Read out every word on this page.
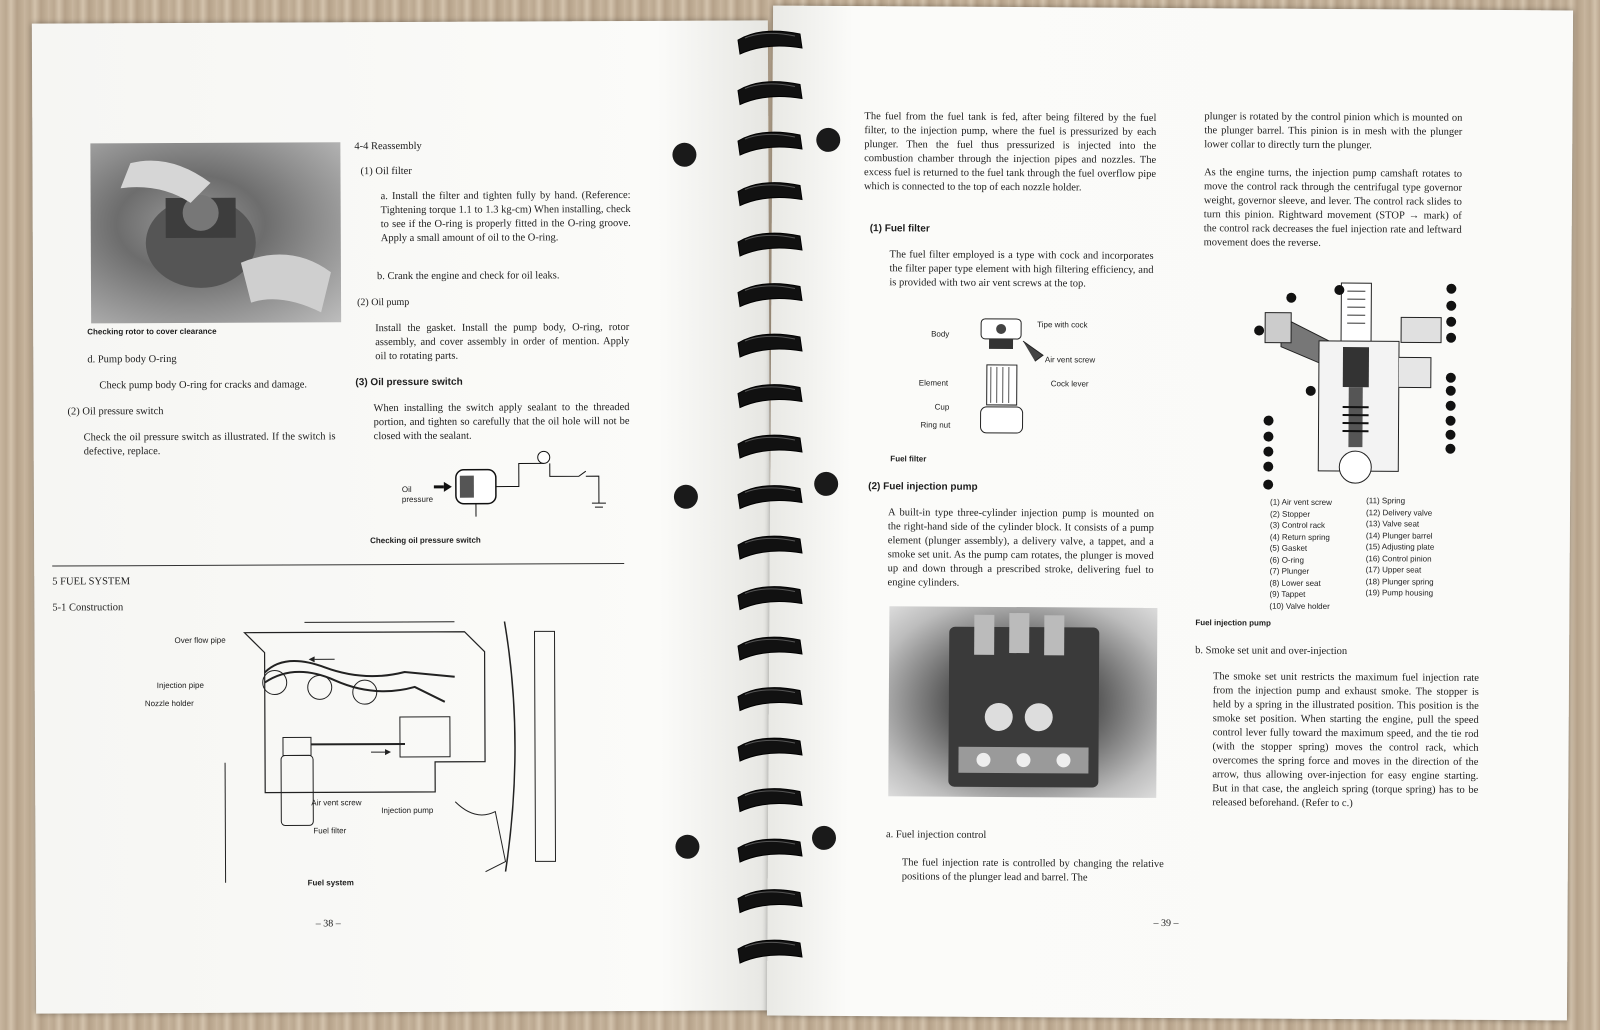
Checking rotor to cover clearance

4-4 Reassembly

(1) Oil filter

a. Install the filter and tighten fully by hand. (Reference: Tightening torque 1.1 to 1.3 kg-cm) When installing, check to see if the O-ring is properly fitted in the O-ring groove. Apply a small amount of oil to the O-ring.

b. Crank the engine and check for oil leaks.

(2) Oil pump

Install the gasket. Install the pump body, O-ring, rotor assembly, and cover assembly in order of mention. Apply oil to rotating parts.

(3) Oil pressure switch

When installing the switch apply sealant to the threaded portion, and tighten so carefully that the oil hole will not be closed with the sealant.

Oil pressure

Checking oil pressure switch

d. Pump body O-ring

Check pump body O-ring for cracks and damage.

(2) Oil pressure switch

Check the oil pressure switch as illustrated. If the switch is defective, replace.

5 FUEL SYSTEM

5-1 Construction

Over flow pipe

Injection pipe

Nozzle holder

Air vent screw

Injection pump

Fuel filter

Fuel system

– 38 –

The fuel from the fuel tank is fed, after being filtered by the fuel filter, to the injection pump, where the fuel is pressurized by each plunger. Then the fuel thus pressurized is injected into the combustion chamber through the injection pipes and nozzles. The excess fuel is returned to the fuel tank through the fuel overflow pipe which is connected to the top of each nozzle holder.

(1) Fuel filter

The fuel filter employed is a type with cock and incorporates the filter paper type element with high filtering efficiency, and is provided with two air vent screws at the top.

Body

Tipe with cock

Air vent screw

Element	Cock lever

Cup

Ring nut

Fuel filter

(2) Fuel injection pump

A built-in type three-cylinder injection pump is mounted on the right-hand side of the cylinder block. It consists of a pump element (plunger assembly), a delivery valve, a tappet, and a smoke set unit. As the pump cam rotates, the plunger is moved up and down through a prescribed stroke, delivering fuel to engine cylinders.

a. Fuel injection control

The fuel injection rate is controlled by changing the relative positions of the plunger lead and barrel. The

plunger is rotated by the control pinion which is mounted on the plunger barrel. This pinion is in mesh with the plunger lower collar to directly turn the plunger.

As the engine turns, the injection pump camshaft rotates to move the control rack through the centrifugal type governor weight, governor sleeve, and lever. The control rack slides to turn this pinion. Rightward movement (STOP → mark) of the control rack decreases the fuel injection rate and leftward movement does the reverse.

(1) Air vent screw
(2) Stopper
(3) Control rack
(4) Return spring
(5) Gasket
(6) O-ring
(7) Plunger
(8) Lower seat
(9) Tappet
(10) Valve holder
(11) Spring
(12) Delivery valve
(13) Valve seat
(14) Plunger barrel
(15) Adjusting plate
(16) Control pinion
(17) Upper seat
(18) Plunger spring
(19) Pump housing

Fuel injection pump

b. Smoke set unit and over-injection

The smoke set unit restricts the maximum fuel injection rate from the injection pump and exhaust smoke. The stopper is held by a spring in the illustrated position. This position is the smoke set position. When starting the engine, pull the speed control lever fully toward the maximum speed, and the tie rod (with the stopper spring) moves the control rack, which overcomes the spring force and moves in the direction of the arrow, thus allowing over-injection for easy engine starting. But in that case, the angleich spring (torque spring) has to be released beforehand. (Refer to c.)

– 39 –
